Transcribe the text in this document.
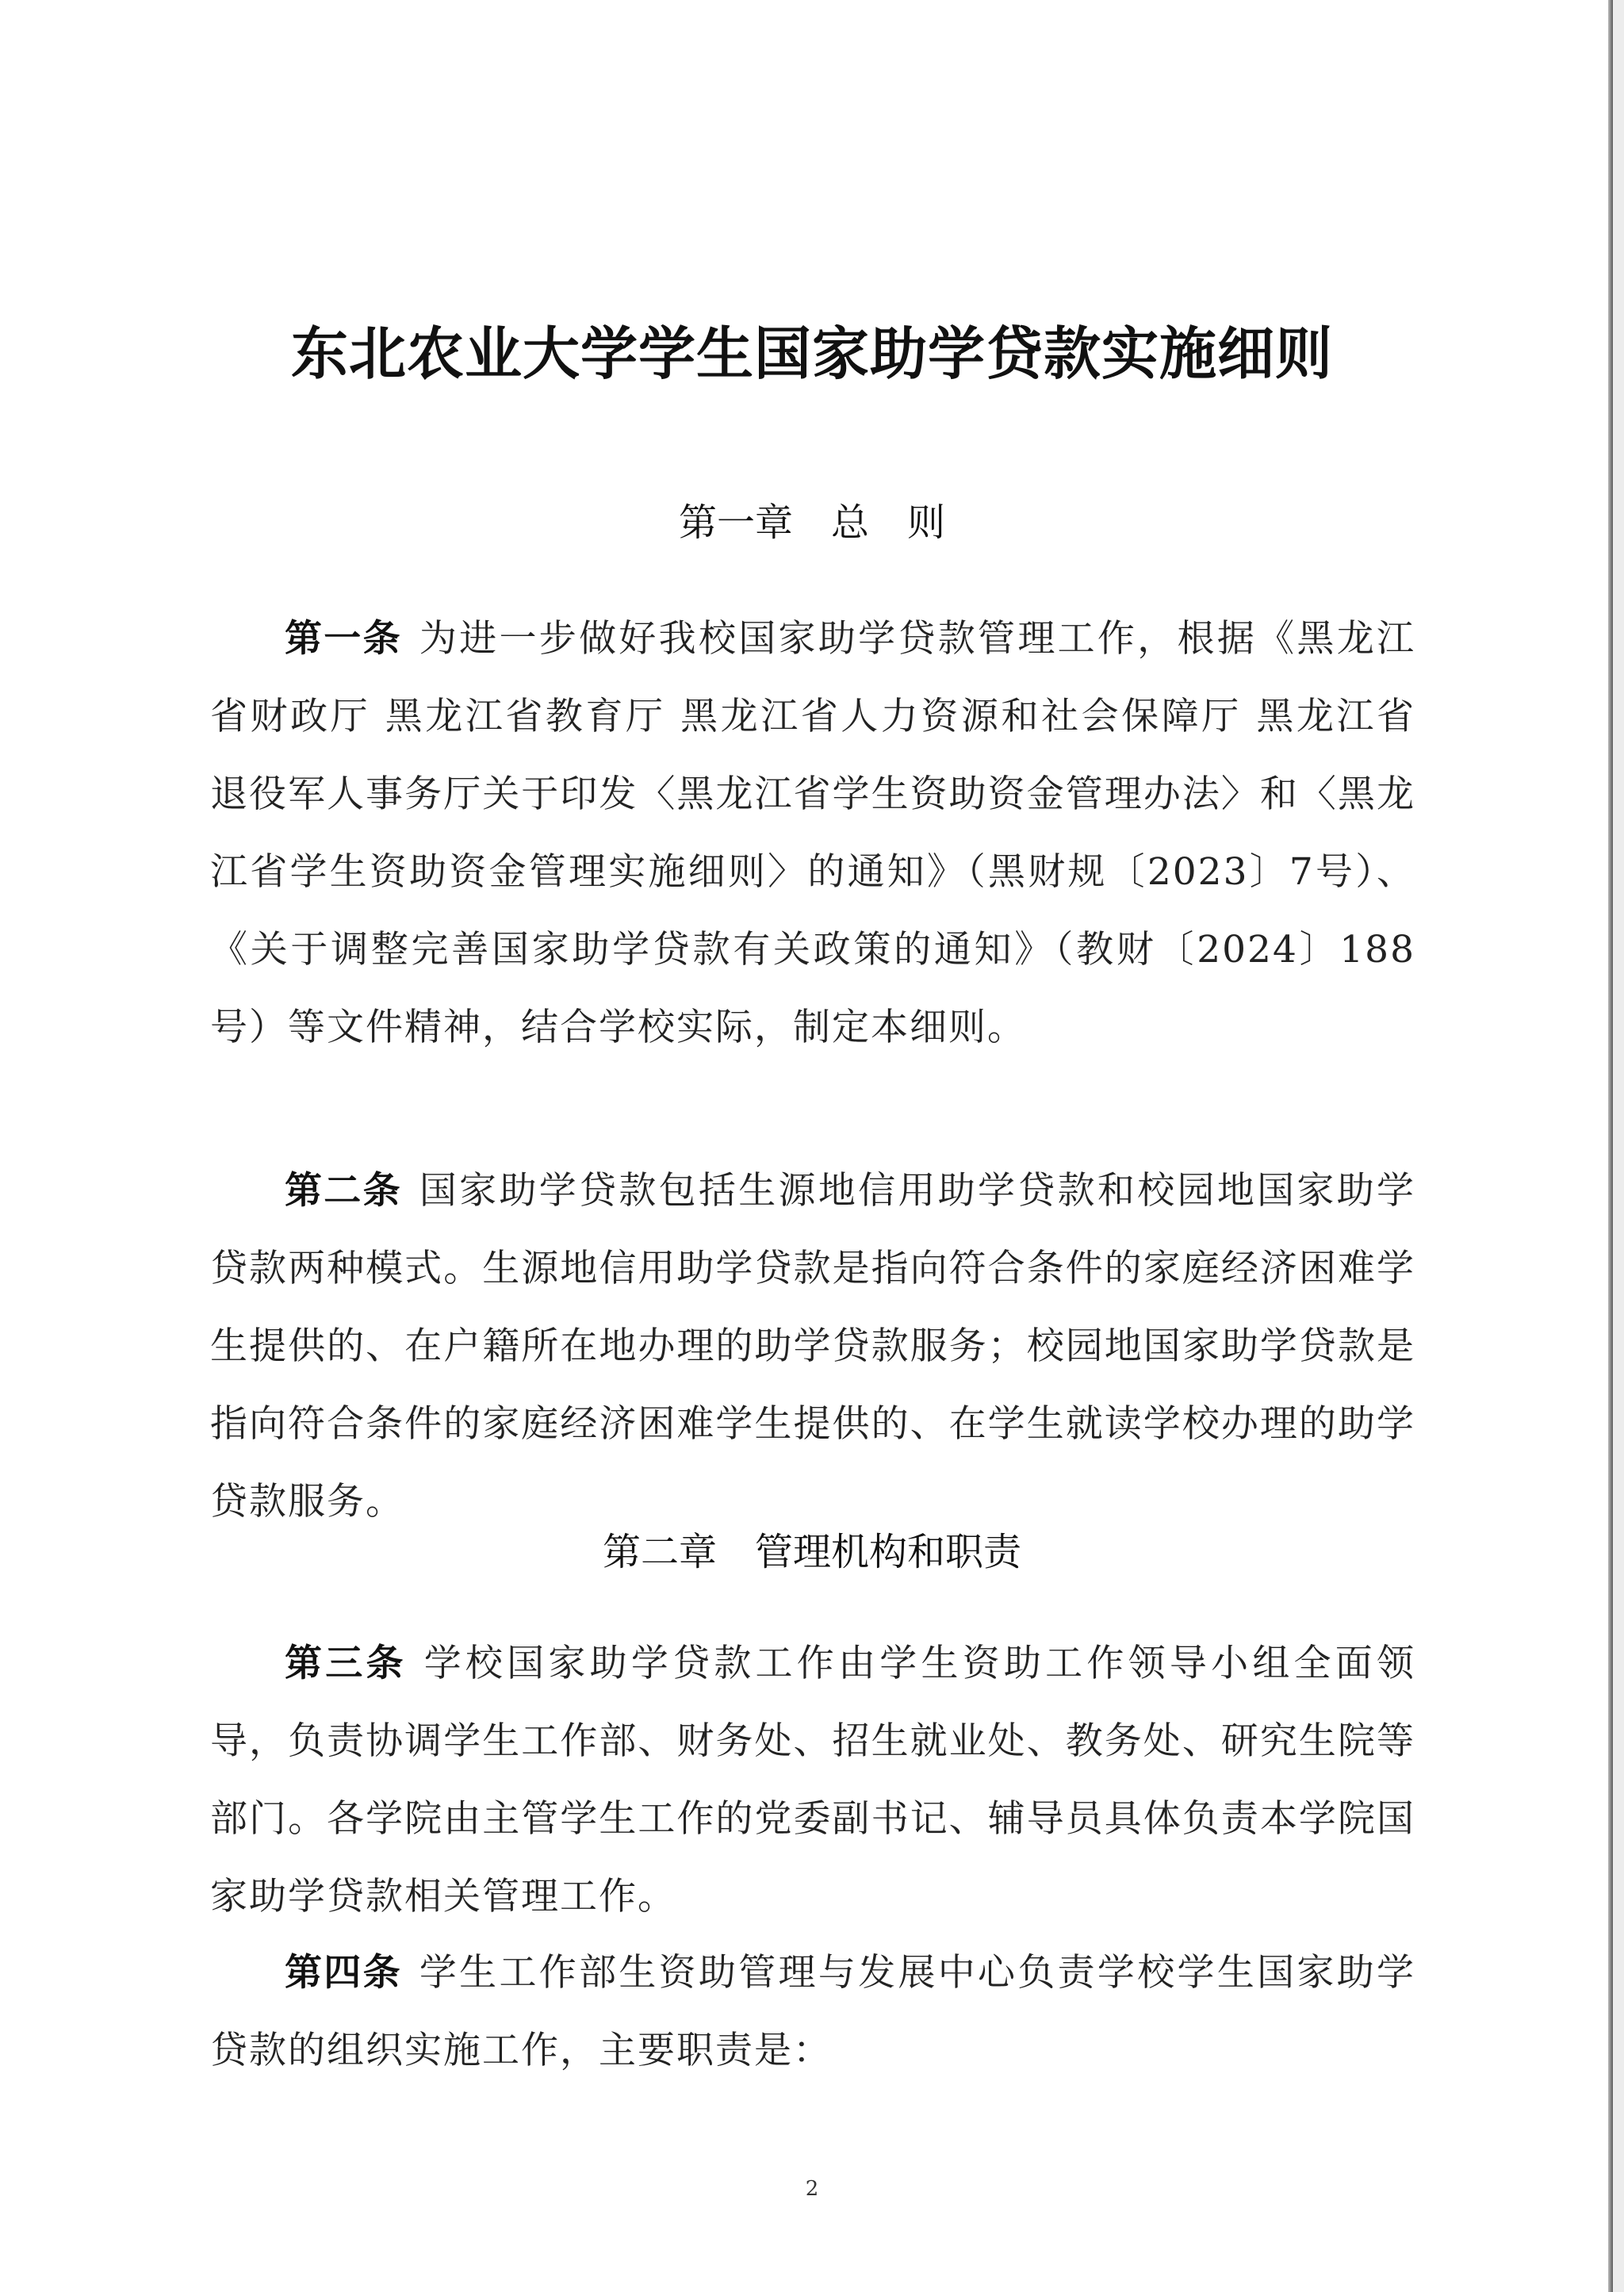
东北农业大学学生国家助学贷款实施细则
第一章　总　则

第一条 为进一步做好我校国家助学贷款管理工作，根据《黑龙江省财政厅 黑龙江省教育厅 黑龙江省人力资源和社会保障厅 黑龙江省退役军人事务厅关于印发〈黑龙江省学生资助资金管理办法〉和〈黑龙江省学生资助资金管理实施细则〉的通知》（黑财规〔2023〕7号）、《关于调整完善国家助学贷款有关政策的通知》（教财〔2024〕188号）等文件精神，结合学校实际，制定本细则。

第二条 国家助学贷款包括生源地信用助学贷款和校园地国家助学贷款两种模式。生源地信用助学贷款是指向符合条件的家庭经济困难学生提供的、在户籍所在地办理的助学贷款服务；校园地国家助学贷款是指向符合条件的家庭经济困难学生提供的、在学生就读学校办理的助学贷款服务。

第二章　管理机构和职责

第三条 学校国家助学贷款工作由学生资助工作领导小组全面领导，负责协调学生工作部、财务处、招生就业处、教务处、研究生院等部门。各学院由主管学生工作的党委副书记、辅导员具体负责本学院国家助学贷款相关管理工作。

第四条 学生工作部生资助管理与发展中心负责学校学生国家助学贷款的组织实施工作，主要职责是：

2
